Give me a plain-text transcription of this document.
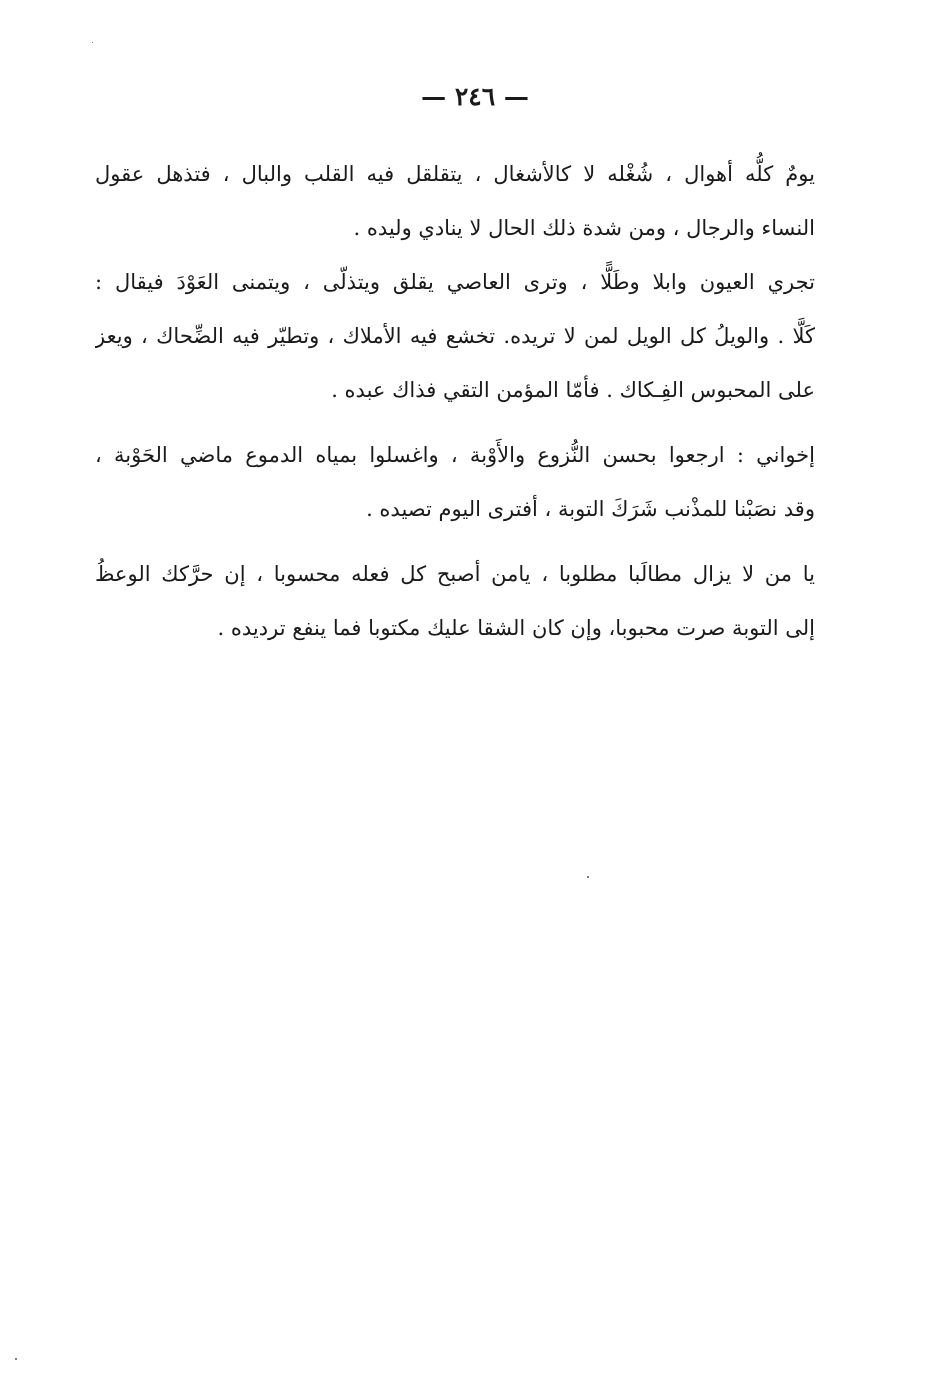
— ٢٤٦ —

يومٌ كلُّه أهوال ، شُغْله لا كالأشغال ، يتقلقل فيه القلب والبال ، فتذهل عقول
النساء والرجال ، ومن شدة ذلك الحال لا ينادي وليده .

تجري العيون وابلا وطَلًّا ، وترى العاصي يقلق ويتذلّى ، ويتمنى العَوْدَ فيقال :
كَلَّا . والويلُ كل الويل لمن لا تريده. تخشع فيه الأملاك ، وتطيّر فيه الضِّحاك ، ويعز
على المحبوس الفِـكاك . فأمّا المؤمن التقي فذاك عبده .

إخواني : ارجعوا بحسن النُّزوع والأَوْبة ، واغسلوا بمياه الدموع ماضي الحَوْبة ،
وقد نصَبْنا للمذْنب شَرَكَ التوبة ، أفترى اليوم تصيده .

يا من لا يزال مطالَبا مطلوبا ، يامن أصبح كل فعله محسوبا ، إن حرَّكك الوعظُ
إلى التوبة صرت محبوبا، وإن كان الشقا عليك مكتوبا فما ينفع ترديده .
